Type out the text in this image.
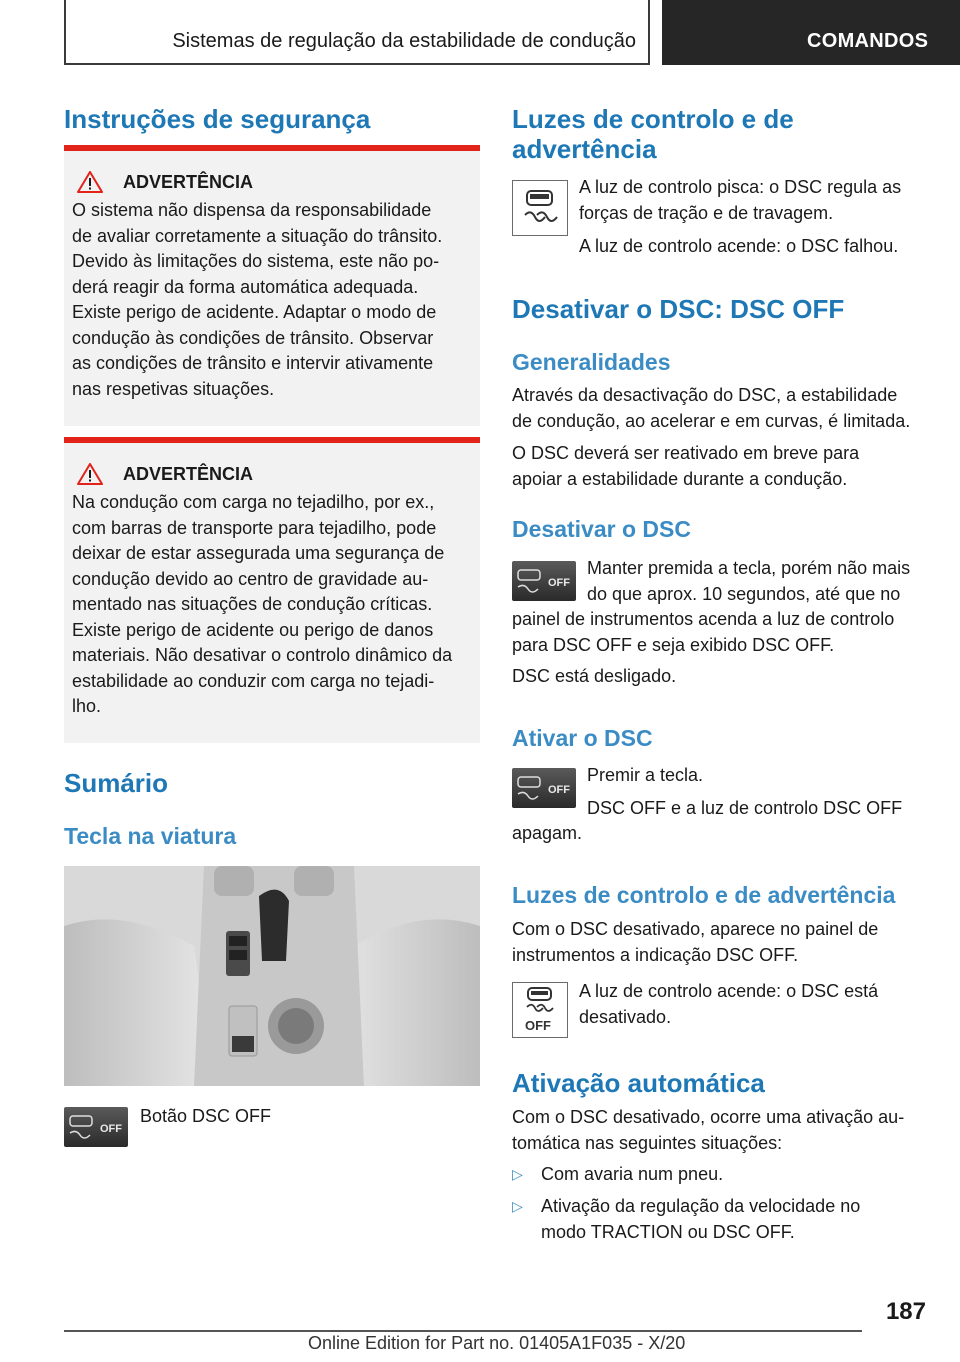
Sistemas de regulação da estabilidade de condução	COMANDOS
Instruções de segurança
ADVERTÊNCIA
O sistema não dispensa da responsabilidade
de avaliar corretamente a situação do trânsito.
Devido às limitações do sistema, este não po-
derá reagir da forma automática adequada.
Existe perigo de acidente. Adaptar o modo de
condução às condições de trânsito. Observar
as condições de trânsito e intervir ativamente
nas respetivas situações.
ADVERTÊNCIA
Na condução com carga no tejadilho, por ex.,
com barras de transporte para tejadilho, pode
deixar de estar assegurada uma segurança de
condução devido ao centro de gravidade au-
mentado nas situações de condução críticas.
Existe perigo de acidente ou perigo de danos
materiais. Não desativar o controlo dinâmico da
estabilidade ao conduzir com carga no tejadi-
lho.
Sumário
Tecla na viatura
OFF
Botão DSC OFF
Luzes de controlo e de
advertência
A luz de controlo pisca: o DSC regula as
forças de tração e de travagem.
A luz de controlo acende: o DSC falhou.
Desativar o DSC: DSC OFF
Generalidades
Através da desactivação do DSC, a estabilidade
de condução, ao acelerar e em curvas, é limitada.
O DSC deverá ser reativado em breve para
apoiar a estabilidade durante a condução.
Desativar o DSC
OFF
Manter premida a tecla, porém não mais
do que aprox. 10 segundos, até que no
painel de instrumentos acenda a luz de controlo
para DSC OFF e seja exibido DSC OFF.
DSC está desligado.
Ativar o DSC
OFF
Premir a tecla.
DSC OFF e a luz de controlo DSC OFF
apagam.
Luzes de controlo e de advertência
Com o DSC desativado, aparece no painel de
instrumentos a indicação DSC OFF.
OFF
A luz de controlo acende: o DSC está
desativado.
Ativação automática
Com o DSC desativado, ocorre uma ativação au-
tomática nas seguintes situações:
▷ Com avaria num pneu.
▷ Ativação da regulação da velocidade no
modo TRACTION ou DSC OFF.
187
Online Edition for Part no. 01405A1F035 - X/20
